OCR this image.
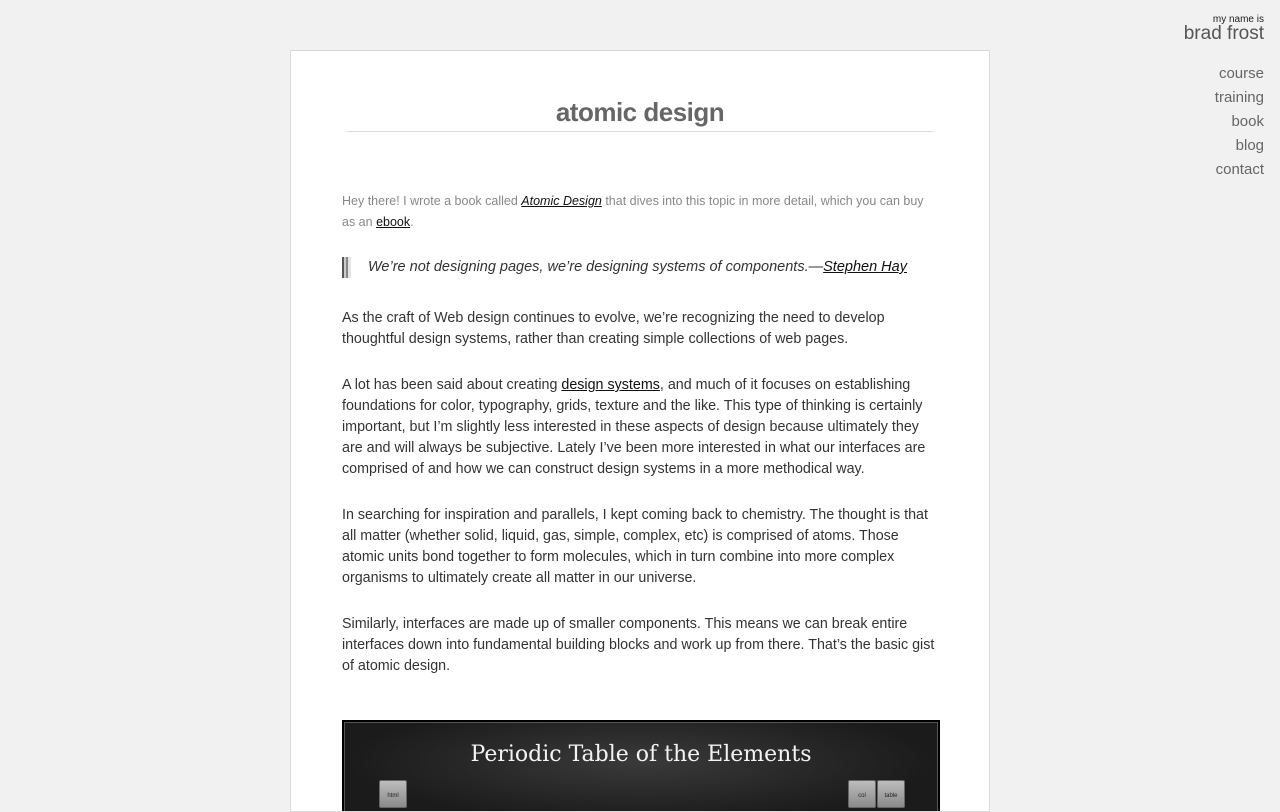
my name is
brad frost
course
training
book
blog
contact
atomic design

Hey there! I wrote a book called Atomic Design that dives into this topic in more detail, which you can buy as an ebook.

We’re not designing pages, we’re designing systems of components.—Stephen Hay

As the craft of Web design continues to evolve, we’re recognizing the need to develop thoughtful design systems, rather than creating simple collections of web pages.

A lot has been said about creating design systems, and much of it focuses on establishing foundations for color, typography, grids, texture and the like. This type of thinking is certainly important, but I’m slightly less interested in these aspects of design because ultimately they are and will always be subjective. Lately I’ve been more interested in what our interfaces are comprised of and how we can construct design systems in a more methodical way.

In searching for inspiration and parallels, I kept coming back to chemistry. The thought is that all matter (whether solid, liquid, gas, simple, complex, etc) is comprised of atoms. Those atomic units bond together to form molecules, which in turn combine into more complex organisms to ultimately create all matter in our universe.

Similarly, interfaces are made up of smaller components. This means we can break entire interfaces down into fundamental building blocks and work up from there. That’s the basic gist of atomic design.

Periodic Table of the Elements
html	col	table
